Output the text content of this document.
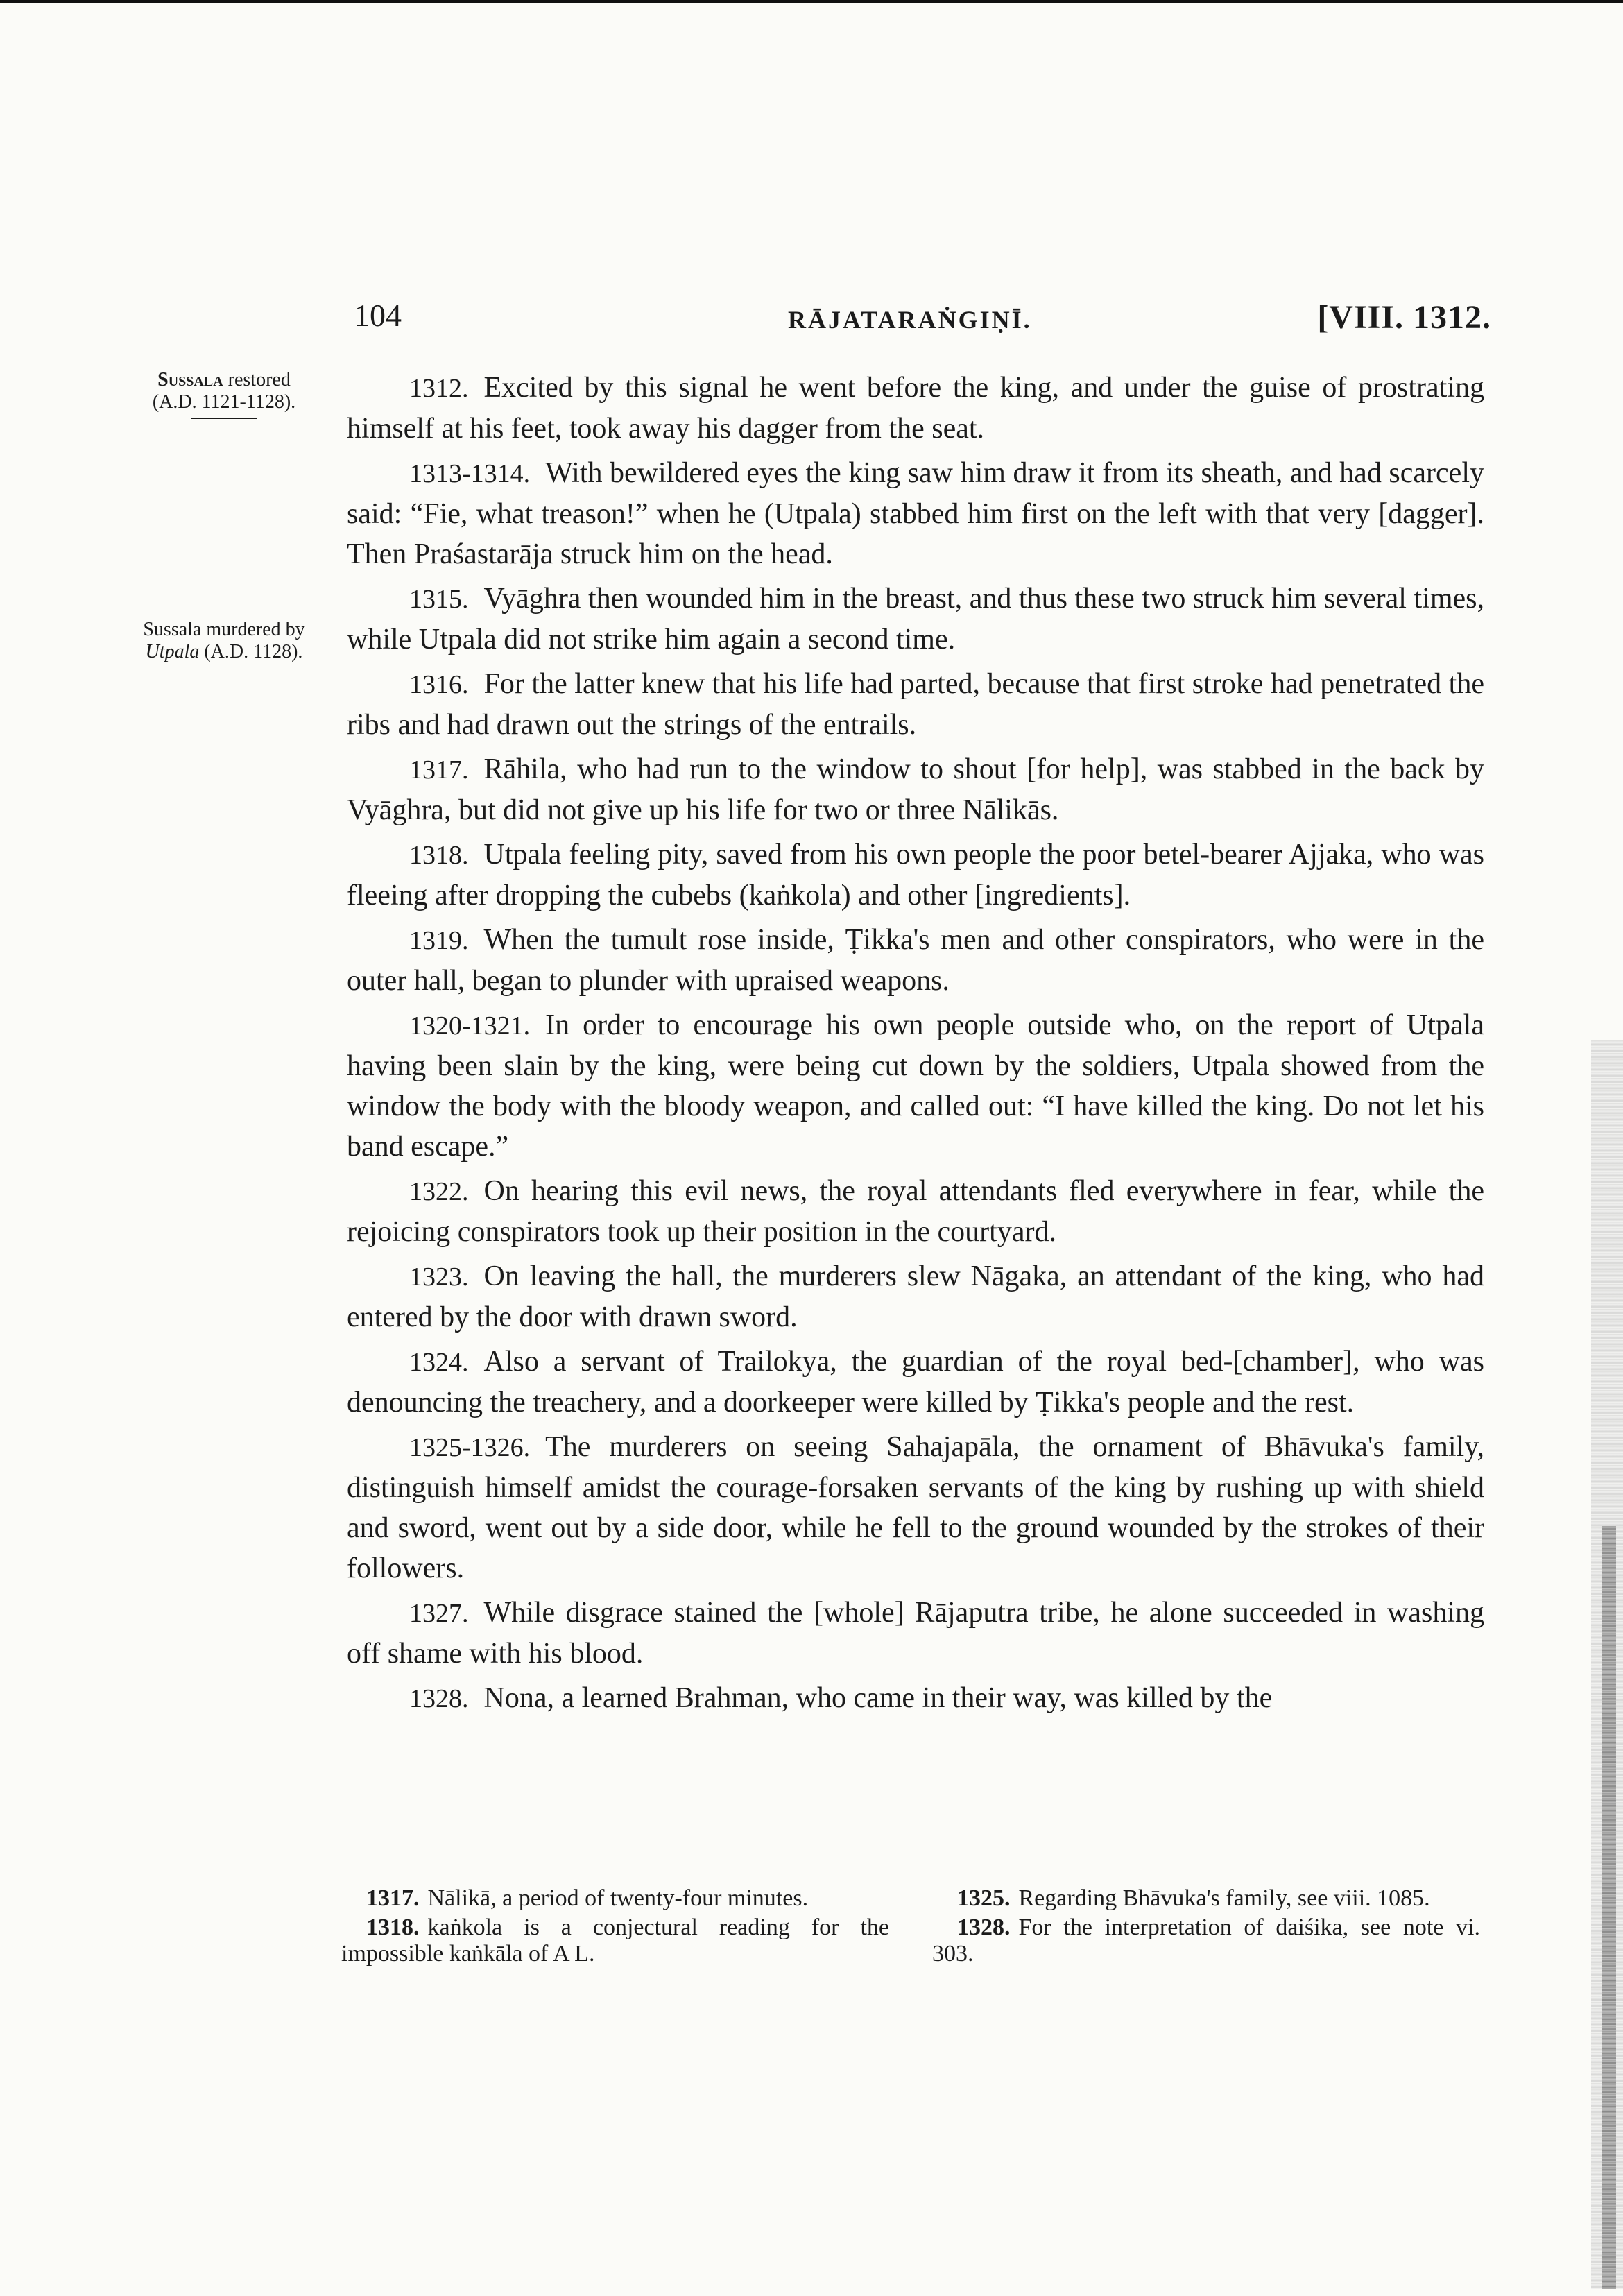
104	RĀJATARAṄGIṆĪ.	[VIII. 1312.
Sussala restored
(A.D. 1121-1128).
Sussala murdered by
Utpala (A.D. 1128).

1312. Excited by this signal he went before the king, and under the guise of prostrating himself at his feet, took away his dagger from the seat.

1313-1314. With bewildered eyes the king saw him draw it from its sheath, and had scarcely said: “Fie, what treason!” when he (Utpala) stabbed him first on the left with that very [dagger]. Then Praśastarāja struck him on the head.

1315. Vyāghra then wounded him in the breast, and thus these two struck him several times, while Utpala did not strike him again a second time.

1316. For the latter knew that his life had parted, because that first stroke had penetrated the ribs and had drawn out the strings of the entrails.

1317. Rāhila, who had run to the window to shout [for help], was stabbed in the back by Vyāghra, but did not give up his life for two or three Nālikās.

1318. Utpala feeling pity, saved from his own people the poor betel-bearer Ajjaka, who was fleeing after dropping the cubebs (kaṅkola) and other [ingredients].

1319. When the tumult rose inside, Ṭikka's men and other conspirators, who were in the outer hall, began to plunder with upraised weapons.

1320-1321. In order to encourage his own people outside who, on the report of Utpala having been slain by the king, were being cut down by the soldiers, Utpala showed from the window the body with the bloody weapon, and called out: “I have killed the king. Do not let his band escape.”

1322. On hearing this evil news, the royal attendants fled everywhere in fear, while the rejoicing conspirators took up their position in the courtyard.

1323. On leaving the hall, the murderers slew Nāgaka, an attendant of the king, who had entered by the door with drawn sword.

1324. Also a servant of Trailokya, the guardian of the royal bed-[chamber], who was denouncing the treachery, and a doorkeeper were killed by Ṭikka's people and the rest.

1325-1326. The murderers on seeing Sahajapāla, the ornament of Bhāvuka's family, distinguish himself amidst the courage-forsaken servants of the king by rushing up with shield and sword, went out by a side door, while he fell to the ground wounded by the strokes of their followers.

1327. While disgrace stained the [whole] Rājaputra tribe, he alone succeeded in washing off shame with his blood.

1328. Nona, a learned Brahman, who came in their way, was killed by the

1317. Nālikā, a period of twenty-four minutes.

1318. kaṅkola is a conjectural reading for the impossible kaṅkāla of A L.

1325. Regarding Bhāvuka's family, see viii. 1085.

1328. For the interpretation of daiśika, see note vi. 303.
